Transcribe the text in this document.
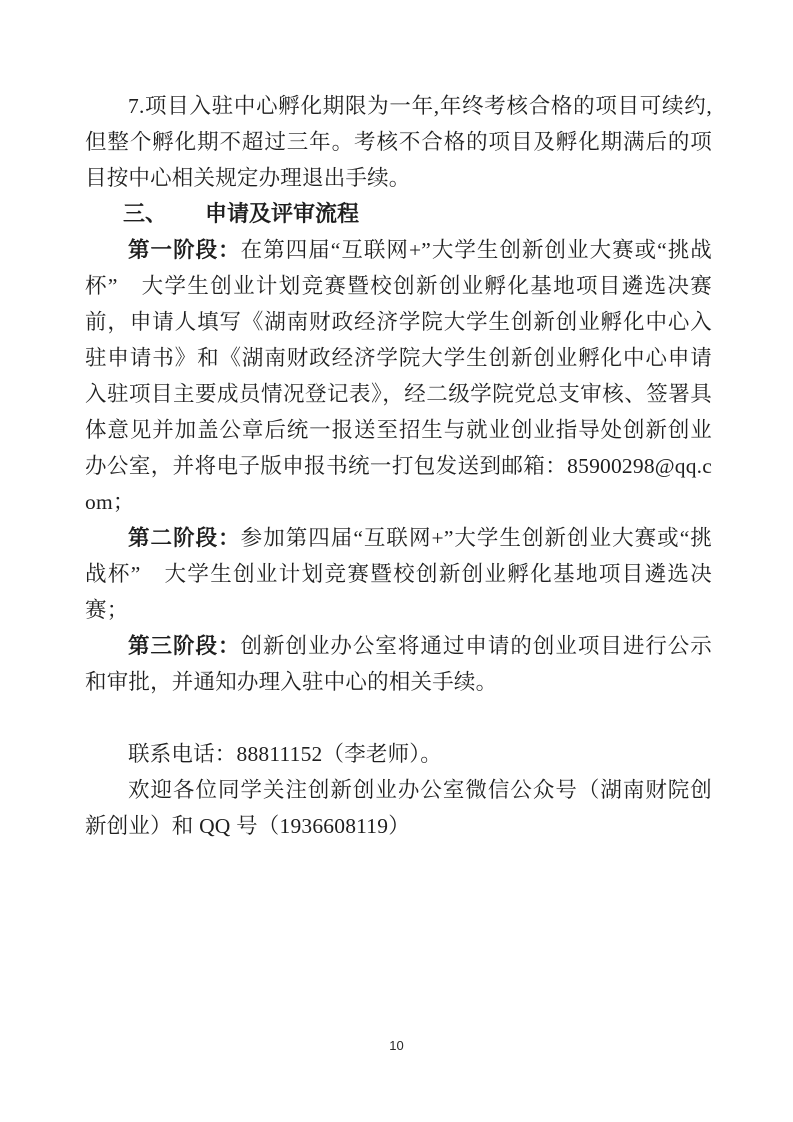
7.项目入驻中心孵化期限为一年,年终考核合格的项目可续约,但整个孵化期不超过三年。考核不合格的项目及孵化期满后的项目按中心相关规定办理退出手续。

三、 申请及评审流程

第一阶段：在第四届“互联网+”大学生创新创业大赛或“挑战杯”　大学生创业计划竞赛暨校创新创业孵化基地项目遴选决赛前，申请人填写《湖南财政经济学院大学生创新创业孵化中心入驻申请书》和《湖南财政经济学院大学生创新创业孵化中心申请入驻项目主要成员情况登记表》，经二级学院党总支审核、签署具体意见并加盖公章后统一报送至招生与就业创业指导处创新创业办公室，并将电子版申报书统一打包发送到邮箱：85900298@qq.com；

第二阶段：参加第四届“互联网+”大学生创新创业大赛或“挑战杯”　大学生创业计划竞赛暨校创新创业孵化基地项目遴选决赛；

第三阶段：创新创业办公室将通过申请的创业项目进行公示和审批，并通知办理入驻中心的相关手续。

联系电话：88811152（李老师）。

欢迎各位同学关注创新创业办公室微信公众号（湖南财院创新创业）和 QQ 号（1936608119）

10
